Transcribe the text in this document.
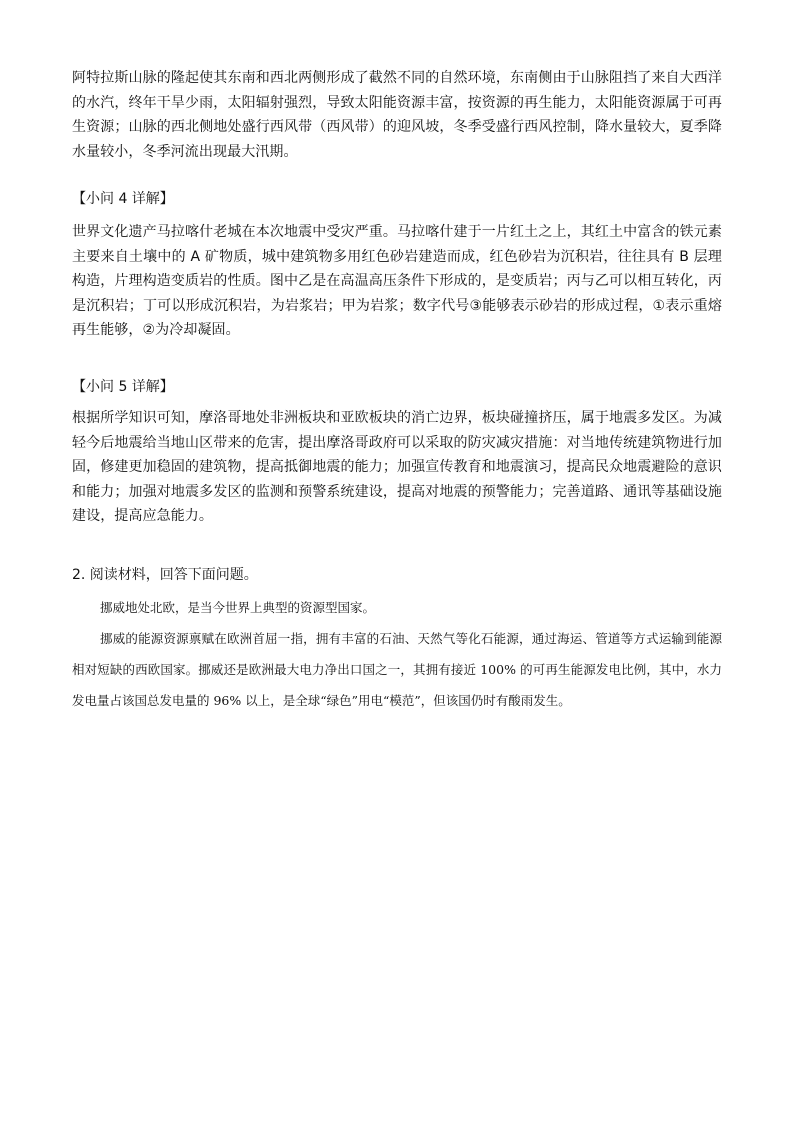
阿特拉斯山脉的隆起使其东南和西北两侧形成了截然不同的自然环境，东南侧由于山脉阻挡了来自大西洋的水汽，终年干旱少雨，太阳辐射强烈，导致太阳能资源丰富，按资源的再生能力，太阳能资源属于可再生资源；山脉的西北侧地处盛行西风带（西风带）的迎风坡，冬季受盛行西风控制，降水量较大，夏季降水量较小，冬季河流出现最大汛期。

【小问 4 详解】

世界文化遗产马拉喀什老城在本次地震中受灾严重。马拉喀什建于一片红土之上，其红土中富含的铁元素主要来自土壤中的 A 矿物质，城中建筑物多用红色砂岩建造而成，红色砂岩为沉积岩，往往具有 B 层理构造，片理构造变质岩的性质。图中乙是在高温高压条件下形成的，是变质岩；丙与乙可以相互转化，丙是沉积岩；丁可以形成沉积岩，为岩浆岩；甲为岩浆；数字代号③能够表示砂岩的形成过程，①表示重熔再生能够，②为冷却凝固。

【小问 5 详解】

根据所学知识可知，摩洛哥地处非洲板块和亚欧板块的消亡边界，板块碰撞挤压，属于地震多发区。为减轻今后地震给当地山区带来的危害，提出摩洛哥政府可以采取的防灾减灾措施：对当地传统建筑物进行加固，修建更加稳固的建筑物，提高抵御地震的能力；加强宣传教育和地震演习，提高民众地震避险的意识和能力；加强对地震多发区的监测和预警系统建设，提高对地震的预警能力；完善道路、通讯等基础设施建设，提高应急能力。

2. 阅读材料，回答下面问题。

挪威地处北欧，是当今世界上典型的资源型国家。

挪威的能源资源禀赋在欧洲首屈一指，拥有丰富的石油、天然气等化石能源，通过海运、管道等方式运输到能源相对短缺的西欧国家。挪威还是欧洲最大电力净出口国之一，其拥有接近 100% 的可再生能源发电比例，其中，水力发电量占该国总发电量的 96% 以上，是全球“绿色”用电“模范”，但该国仍时有酸雨发生。
